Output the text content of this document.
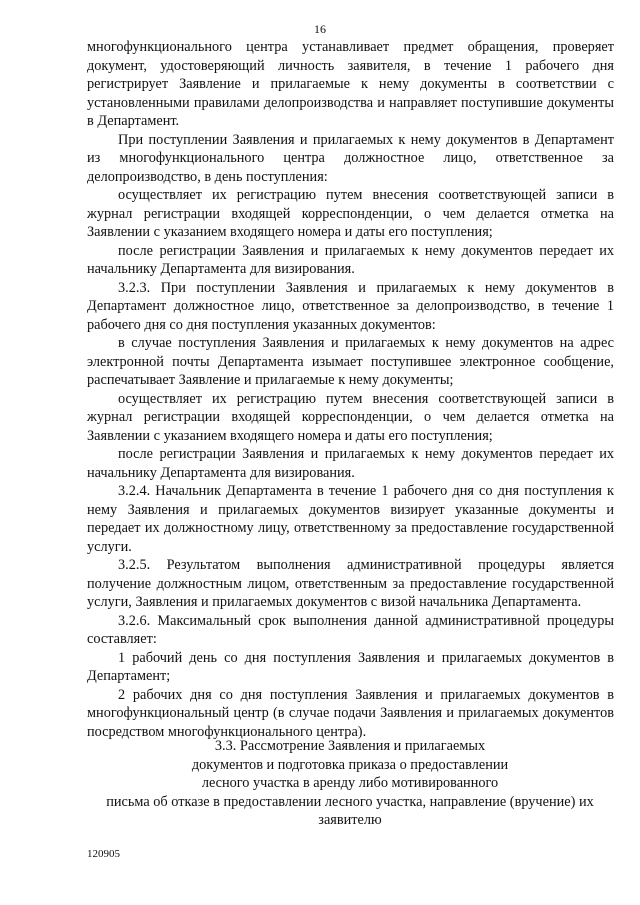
16

многофункционального центра устанавливает предмет обращения, проверяет документ, удостоверяющий личность заявителя, в течение 1 рабочего дня регистрирует Заявление и прилагаемые к нему документы в соответствии с установленными правилами делопроизводства и направляет поступившие документы в Департамент.

При поступлении Заявления и прилагаемых к нему документов в Департамент из многофункционального центра должностное лицо, ответственное за делопроизводство, в день поступления:

осуществляет их регистрацию путем внесения соответствующей записи в журнал регистрации входящей корреспонденции, о чем делается отметка на Заявлении с указанием входящего номера и даты его поступления;

после регистрации Заявления и прилагаемых к нему документов передает их начальнику Департамента для визирования.

3.2.3. При поступлении Заявления и прилагаемых к нему документов в Департамент должностное лицо, ответственное за делопроизводство, в течение 1 рабочего дня со дня поступления указанных документов:

в случае поступления Заявления и прилагаемых к нему документов на адрес электронной почты Департамента изымает поступившее электронное сообщение, распечатывает Заявление и прилагаемые к нему документы;

осуществляет их регистрацию путем внесения соответствующей записи в журнал регистрации входящей корреспонденции, о чем делается отметка на Заявлении с указанием входящего номера и даты его поступления;

после регистрации Заявления и прилагаемых к нему документов передает их начальнику Департамента для визирования.

3.2.4. Начальник Департамента в течение 1 рабочего дня со дня поступления к нему Заявления и прилагаемых документов визирует указанные документы и передает их должностному лицу, ответственному за предоставление государственной услуги.

3.2.5. Результатом выполнения административной процедуры является получение должностным лицом, ответственным за предоставление государственной услуги, Заявления и прилагаемых документов с визой начальника Департамента.

3.2.6. Максимальный срок выполнения данной административной процедуры составляет:

1 рабочий день со дня поступления Заявления и прилагаемых документов в Департамент;

2 рабочих дня со дня поступления Заявления и прилагаемых документов в многофункциональный центр (в случае подачи Заявления и прилагаемых документов посредством многофункционального центра).

3.3. Рассмотрение Заявления и прилагаемых
документов и подготовка приказа о предоставлении
лесного участка в аренду либо мотивированного
письма об отказе в предоставлении лесного участка, направление (вручение) их
заявителю
120905
